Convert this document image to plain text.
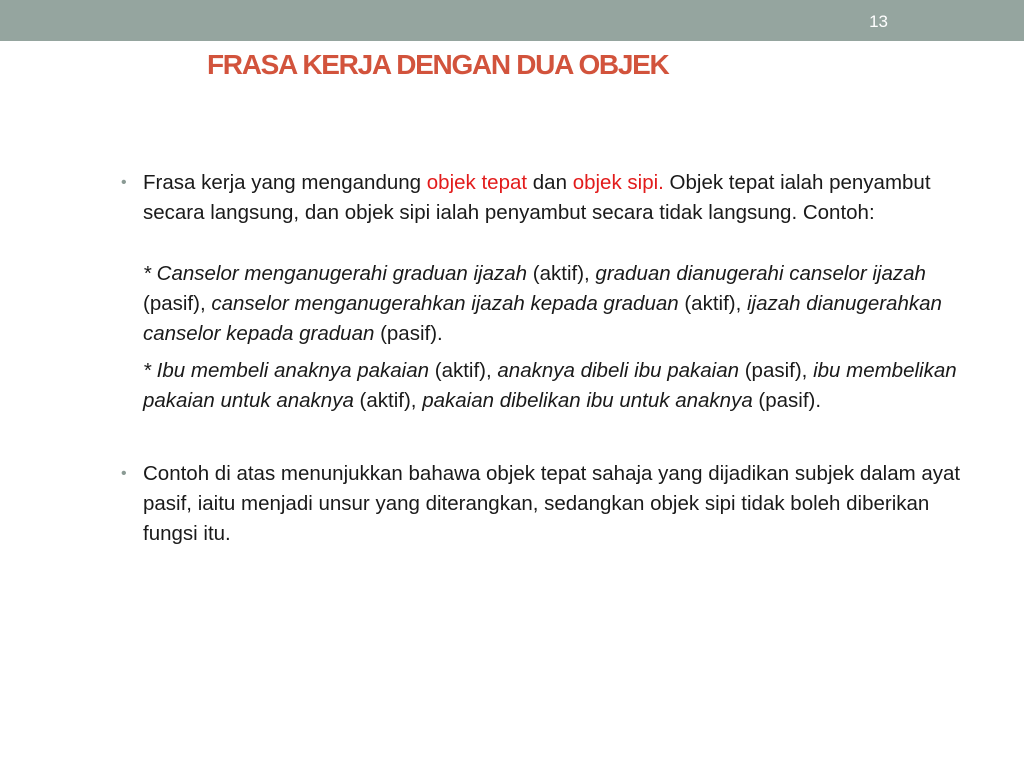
13
FRASA KERJA DENGAN DUA OBJEK
• Frasa kerja yang mengandung objek tepat dan objek sipi. Objek tepat ialah penyambut secara langsung, dan objek sipi ialah penyambut secara tidak langsung. Contoh:

* Canselor menganugerahi graduan ijazah (aktif), graduan dianugerahi canselor ijazah (pasif), canselor menganugerahkan ijazah kepada graduan (aktif), ijazah dianugerahkan canselor kepada graduan (pasif).

* Ibu membeli anaknya pakaian (aktif), anaknya dibeli ibu pakaian (pasif), ibu membelikan pakaian untuk anaknya (aktif), pakaian dibelikan ibu untuk anaknya (pasif).

• Contoh di atas menunjukkan bahawa objek tepat sahaja yang dijadikan subjek dalam ayat pasif, iaitu menjadi unsur yang diterangkan, sedangkan objek sipi tidak boleh diberikan fungsi itu.
